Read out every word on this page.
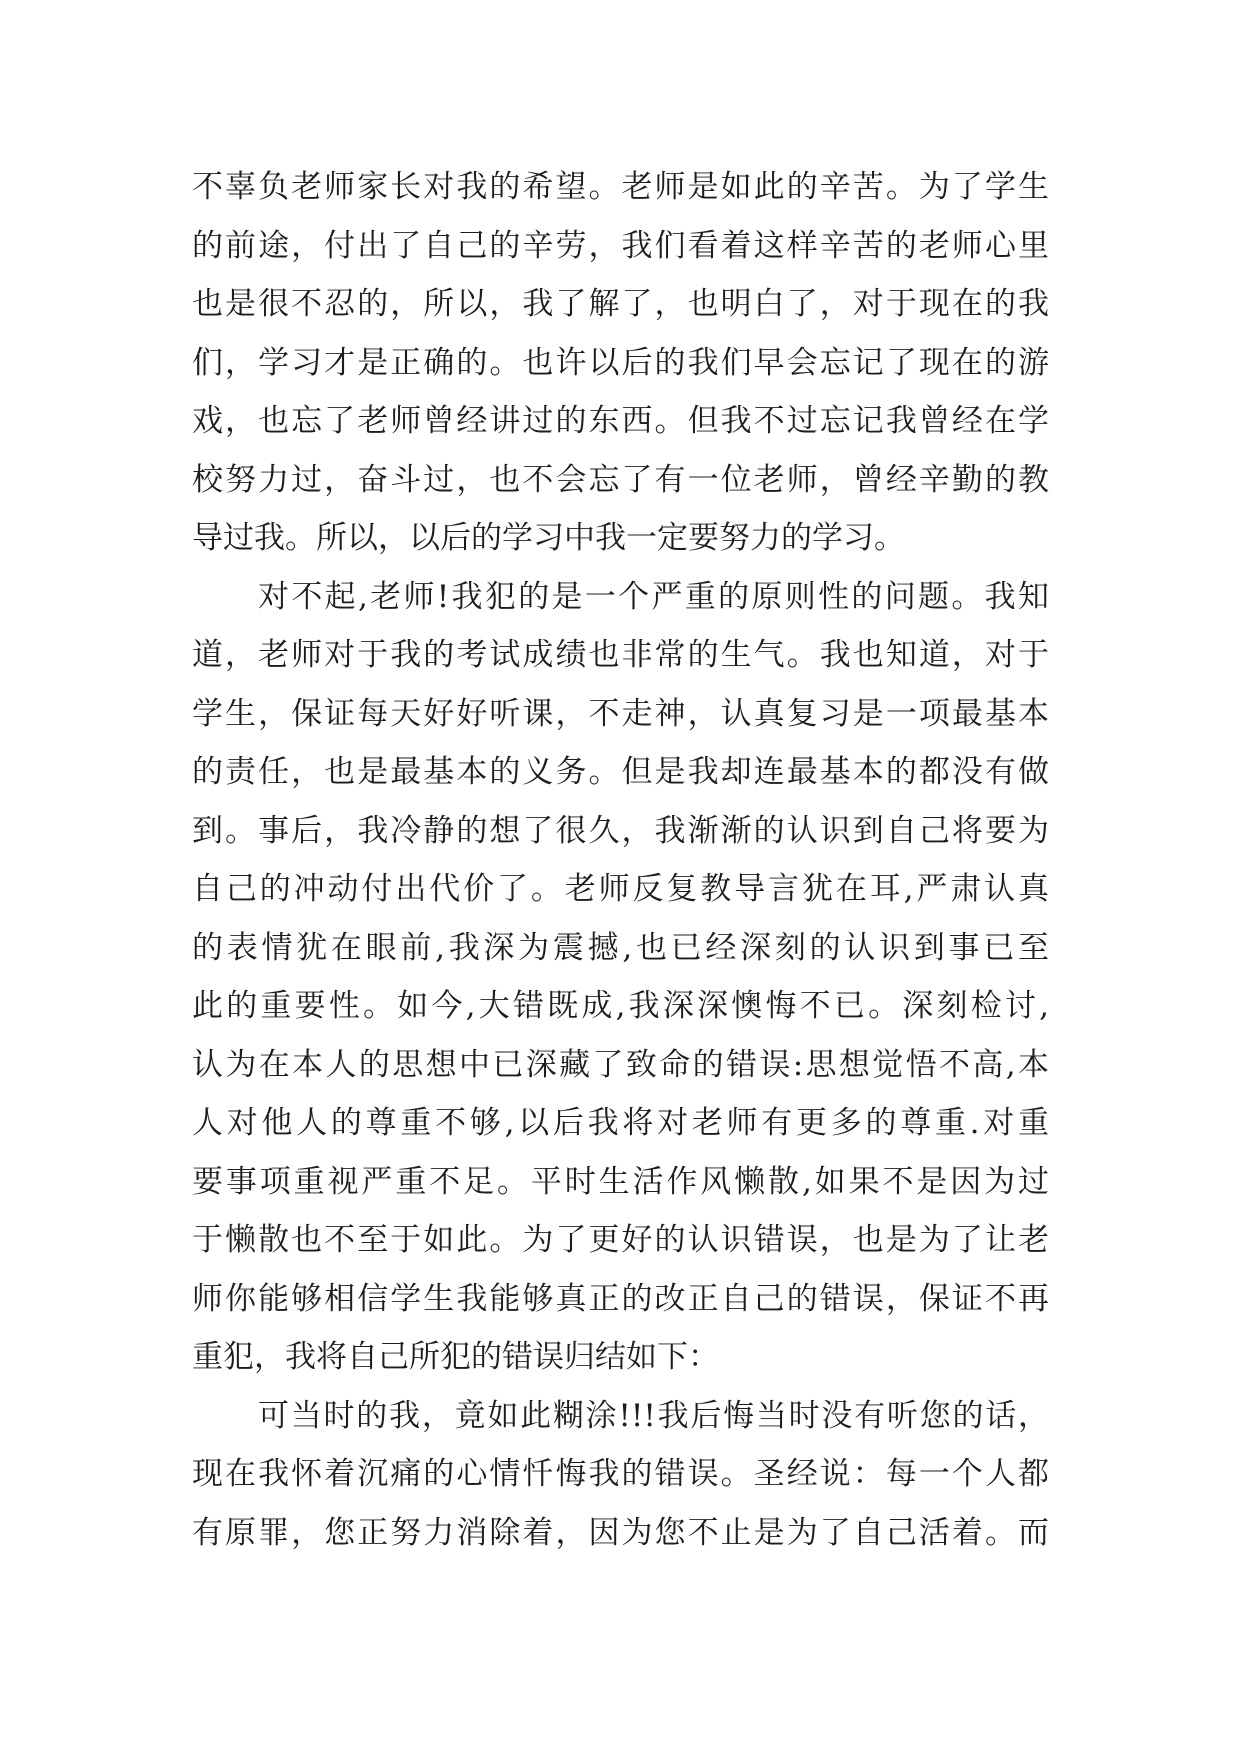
不辜负老师家长对我的希望。老师是如此的辛苦。为了学生
的前途，付出了自己的辛劳，我们看着这样辛苦的老师心里
也是很不忍的，所以，我了解了，也明白了，对于现在的我
们，学习才是正确的。也许以后的我们早会忘记了现在的游
戏，也忘了老师曾经讲过的东西。但我不过忘记我曾经在学
校努力过，奋斗过，也不会忘了有一位老师，曾经辛勤的教
导过我。所以，以后的学习中我一定要努力的学习。
对不起,老师!我犯的是一个严重的原则性的问题。我知
道，老师对于我的考试成绩也非常的生气。我也知道，对于
学生，保证每天好好听课，不走神，认真复习是一项最基本
的责任，也是最基本的义务。但是我却连最基本的都没有做
到。事后，我冷静的想了很久，我渐渐的认识到自己将要为
自己的冲动付出代价了。老师反复教导言犹在耳,严肃认真
的表情犹在眼前,我深为震撼,也已经深刻的认识到事已至
此的重要性。如今,大错既成,我深深懊悔不已。深刻检讨,
认为在本人的思想中已深藏了致命的错误:思想觉悟不高,本
人对他人的尊重不够,以后我将对老师有更多的尊重.对重
要事项重视严重不足。平时生活作风懒散,如果不是因为过
于懒散也不至于如此。为了更好的认识错误，也是为了让老
师你能够相信学生我能够真正的改正自己的错误，保证不再
重犯，我将自己所犯的错误归结如下：
可当时的我，竟如此糊涂!!!我后悔当时没有听您的话，
现在我怀着沉痛的心情忏悔我的错误。圣经说：每一个人都
有原罪，您正努力消除着，因为您不止是为了自己活着。而
